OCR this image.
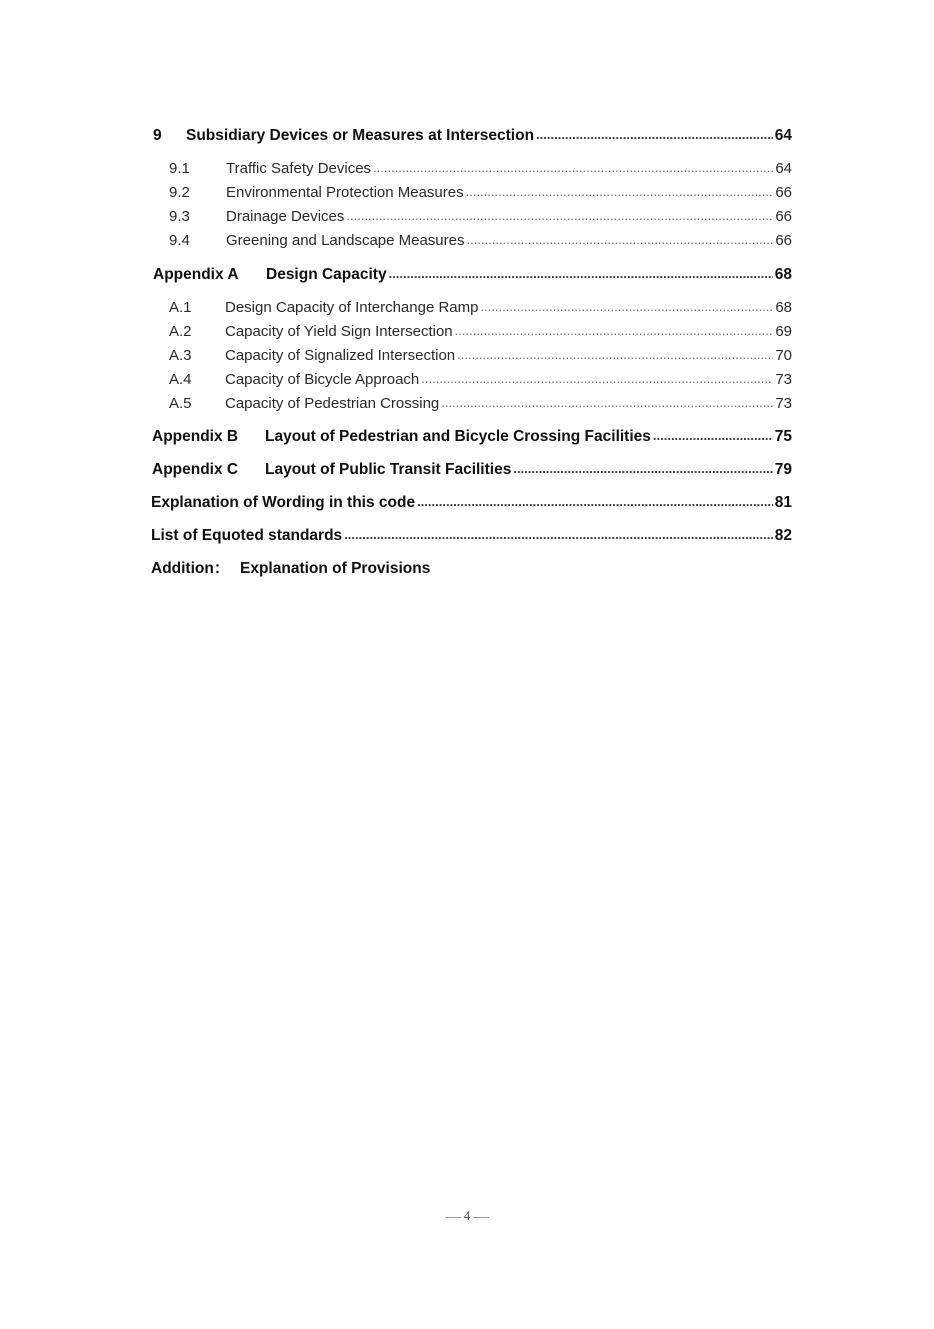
9	Subsidiary Devices or Measures at Intersection .....	64
9.1	Traffic Safety Devices .....	64
9.2	Environmental Protection Measures .....	66
9.3	Drainage Devices .....	66
9.4	Greening and Landscape Measures .....	66
Appendix A	Design Capacity .....	68
A.1	Design Capacity of Interchange Ramp .....	68
A.2	Capacity of Yield Sign Intersection .....	69
A.3	Capacity of Signalized Intersection .....	70
A.4	Capacity of Bicycle Approach .....	73
A.5	Capacity of Pedestrian Crossing .....	73
Appendix B	Layout of Pedestrian and Bicycle Crossing Facilities .....	75
Appendix C	Layout of Public Transit Facilities .....	79
Explanation of Wording in this code .....	81
List of Equoted standards .....	82
Addition： Explanation of Provisions
4
